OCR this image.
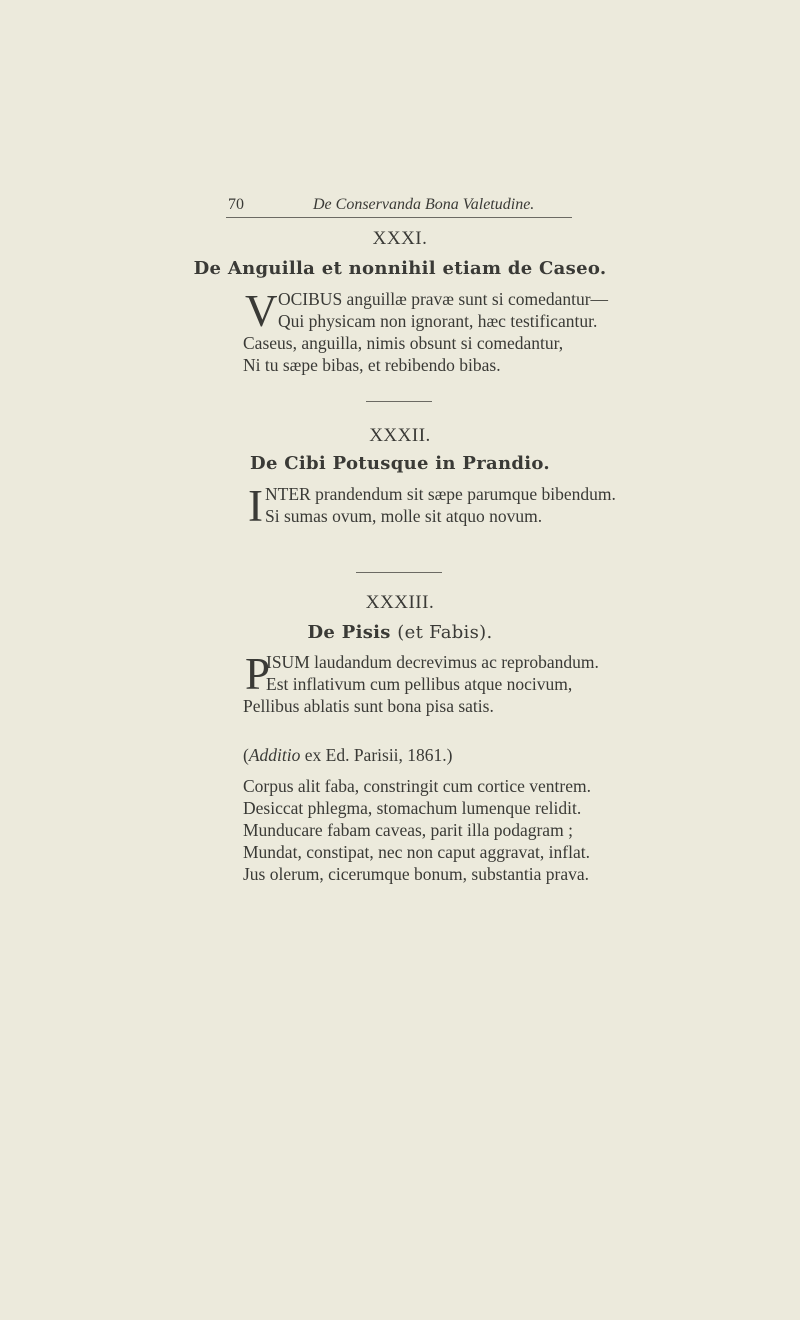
70	De Conservanda Bona Valetudine.
XXXI.
De Anguilla et nonnihil etiam de Caseo.
V OCIBUS anguillæ pravæ sunt si comedantur—
Qui physicam non ignorant, hæc testificantur.
Caseus, anguilla, nimis obsunt si comedantur,
Ni tu sæpe bibas, et rebibendo bibas.
XXXII.
De Cibi Potusque in Prandio.
I NTER prandendum sit sæpe parumque bibendum.
Si sumas ovum, molle sit atquo novum.
XXXIII.
De Pisis (et Fabis).
P
ISUM laudandum decrevimus ac reprobandum.
Est inflativum cum pellibus atque nocivum,
Pellibus ablatis sunt bona pisa satis.
(Additio ex Ed. Parisii, 1861.)
Corpus alit faba, constringit cum cortice ventrem.
Desiccat phlegma, stomachum lumenque relidit.
Munducare fabam caveas, parit illa podagram ;
Mundat, constipat, nec non caput aggravat, inflat.
Jus olerum, cicerumque bonum, substantia prava.
